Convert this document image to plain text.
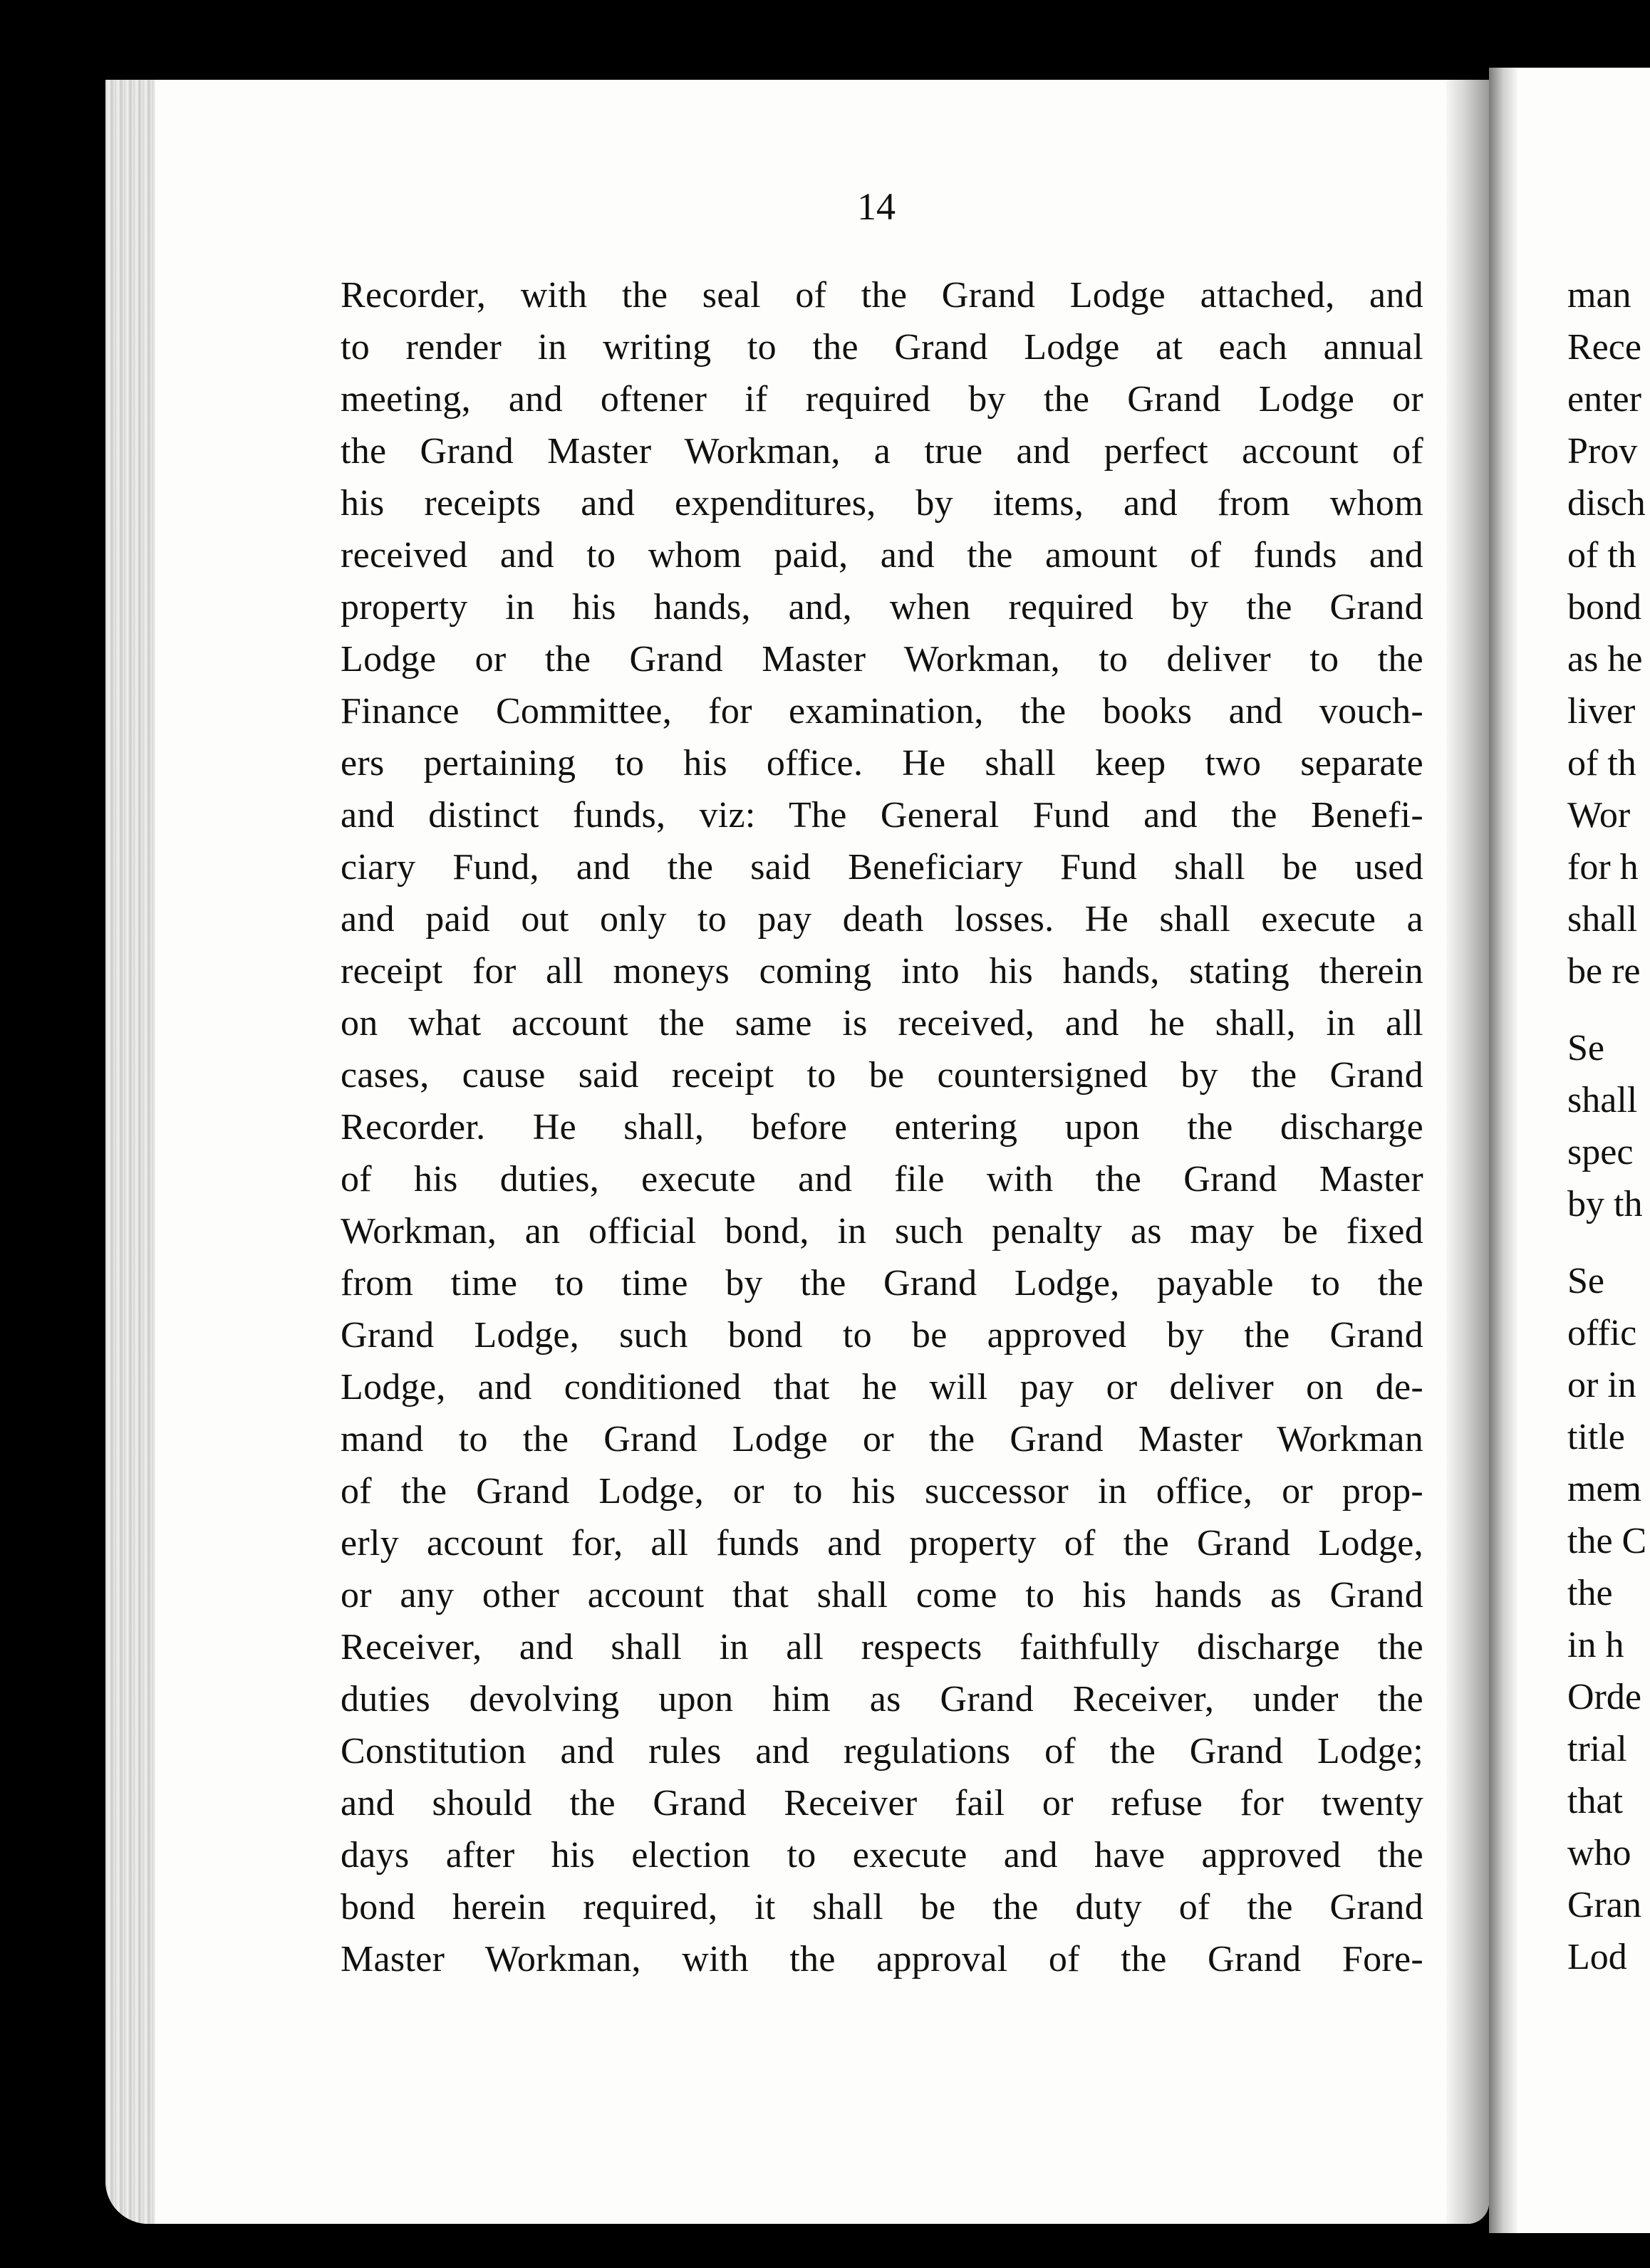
14

Recorder, with the seal of the Grand Lodge attached, and
to render in writing to the Grand Lodge at each annual
meeting, and oftener if required by the Grand Lodge or
the Grand Master Workman, a true and perfect account of
his receipts and expenditures, by items, and from whom
received and to whom paid, and the amount of funds and
property in his hands, and, when required by the Grand
Lodge or the Grand Master Workman, to deliver to the
Finance Committee, for examination, the books and vouch-
ers pertaining to his office. He shall keep two separate
and distinct funds, viz: The General Fund and the Benefi-
ciary Fund, and the said Beneficiary Fund shall be used
and paid out only to pay death losses. He shall execute a
receipt for all moneys coming into his hands, stating therein
on what account the same is received, and he shall, in all
cases, cause said receipt to be countersigned by the Grand
Recorder. He shall, before entering upon the discharge
of his duties, execute and file with the Grand Master
Workman, an official bond, in such penalty as may be fixed
from time to time by the Grand Lodge, payable to the
Grand Lodge, such bond to be approved by the Grand
Lodge, and conditioned that he will pay or deliver on de-
mand to the Grand Lodge or the Grand Master Workman
of the Grand Lodge, or to his successor in office, or prop-
erly account for, all funds and property of the Grand Lodge,
or any other account that shall come to his hands as Grand
Receiver, and shall in all respects faithfully discharge the
duties devolving upon him as Grand Receiver, under the
Constitution and rules and regulations of the Grand Lodge;
and should the Grand Receiver fail or refuse for twenty
days after his election to execute and have approved the
bond herein required, it shall be the duty of the Grand
Master Workman, with the approval of the Grand Fore-
man
Rece
enter
Prov
disch
of th
bond
as he
liver
of th
Wor
for h
shall
be re
Se
shall
spec
by th
Se
offic
or in
title
mem
the C
the
in h
Orde
trial
that
who
Gran
Lod
